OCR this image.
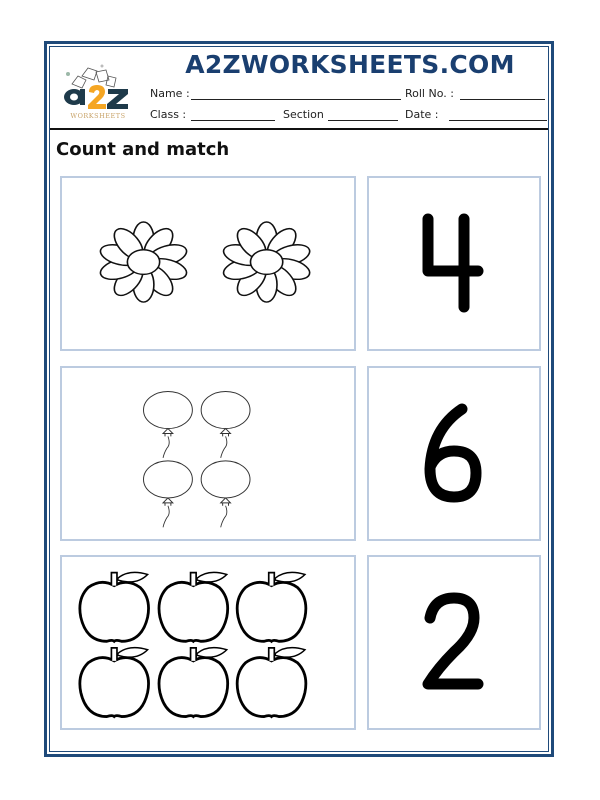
WORKSHEETS
A2ZWORKSHEETS.COM
Name :	Roll No. :
Class :	Section	Date :
Count and match
